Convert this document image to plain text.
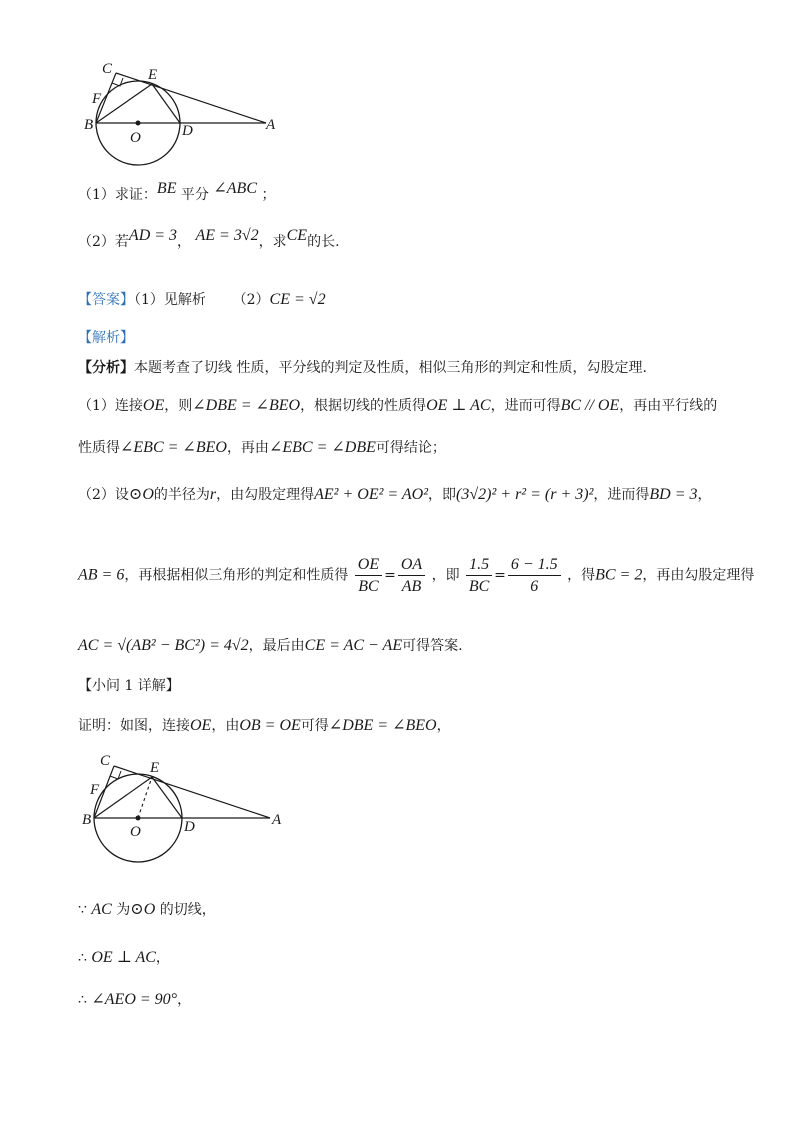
C E
F
B
O	D	A
（1）求证：BE 平分 ∠ABC ；
（2）若AD = 3， AE = 3√2，求CE的长.
【答案】（1）见解析 （2）CE = √2
【解析】
【分析】本题考查了切线 性质，平分线的判定及性质，相似三角形的判定和性质，勾股定理.
（1）连接OE，则∠DBE = ∠BEO，根据切线的性质得OE ⊥ AC，进而可得BC // OE，再由平行线的
性质得∠EBC = ∠BEO，再由∠EBC = ∠DBE可得结论；
（2）设⊙O的半径为r，由勾股定理得AE² + OE² = AO²，即(3√2)² + r² = (r + 3)²，进而得BD = 3，
AB = 6，再根据相似三角形的判定和性质得 $\frac{OE}{BC} = \frac{OA}{AB}$ ，即 $\frac{1.5}{BC} = \frac{6 - 1.5}{6}$ ，得BC = 2，再由勾股定理得
AC = √(AB² − BC²) = 4√2，最后由CE = AC − AE可得答案.
【小问 1 详解】
证明：如图，连接OE，由OB = OE可得∠DBE = ∠BEO，
C	E
F
B
O	D	A
∵ AC 为⊙O 的切线，
∴ OE ⊥ AC，
∴ ∠AEO = 90°，
